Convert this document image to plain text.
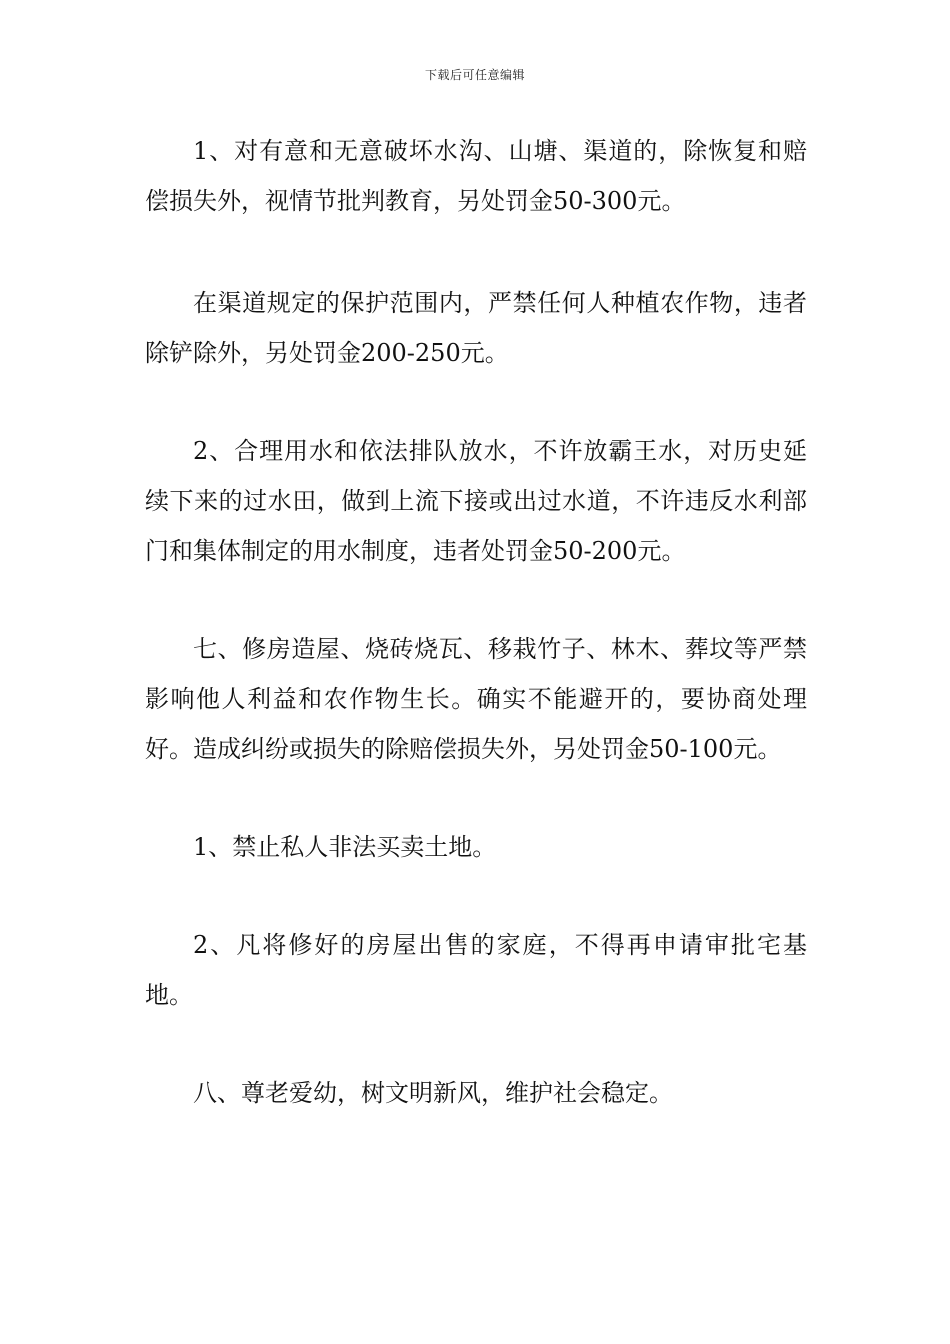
下载后可任意编辑

1、对有意和无意破坏水沟、山塘、渠道的，除恢复和赔偿损失外，视情节批判教育，另处罚金50-300元。

在渠道规定的保护范围内，严禁任何人种植农作物，违者除铲除外，另处罚金200-250元。

2、合理用水和依法排队放水，不许放霸王水，对历史延续下来的过水田，做到上流下接或出过水道，不许违反水利部门和集体制定的用水制度，违者处罚金50-200元。

七、修房造屋、烧砖烧瓦、移栽竹子、林木、葬坟等严禁影响他人利益和农作物生长。确实不能避开的，要协商处理好。造成纠纷或损失的除赔偿损失外，另处罚金50-100元。

1、禁止私人非法买卖土地。

2、凡将修好的房屋出售的家庭，不得再申请审批宅基地。

八、尊老爱幼，树文明新风，维护社会稳定。
